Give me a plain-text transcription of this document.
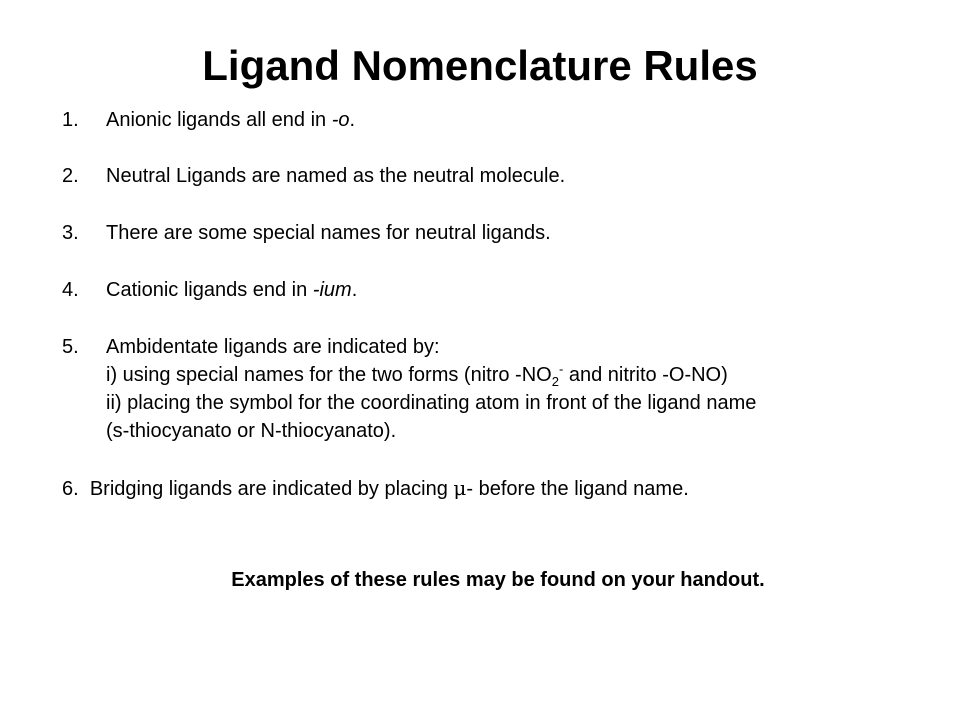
Ligand Nomenclature Rules
1. Anionic ligands all end in -o.
2. Neutral Ligands are named as the neutral molecule.
3. There are some special names for neutral ligands.
4. Cationic ligands end in -ium.
5. Ambidentate ligands are indicated by:
i) using special names for the two forms (nitro $-NO_2^-$ and nitrito -O-NO)
ii) placing the symbol for the coordinating atom in front of the ligand name
(s-thiocyanato or N-thiocyanato).
6. Bridging ligands are indicated by placing μ- before the ligand name.
Examples of these rules may be found on your handout.
